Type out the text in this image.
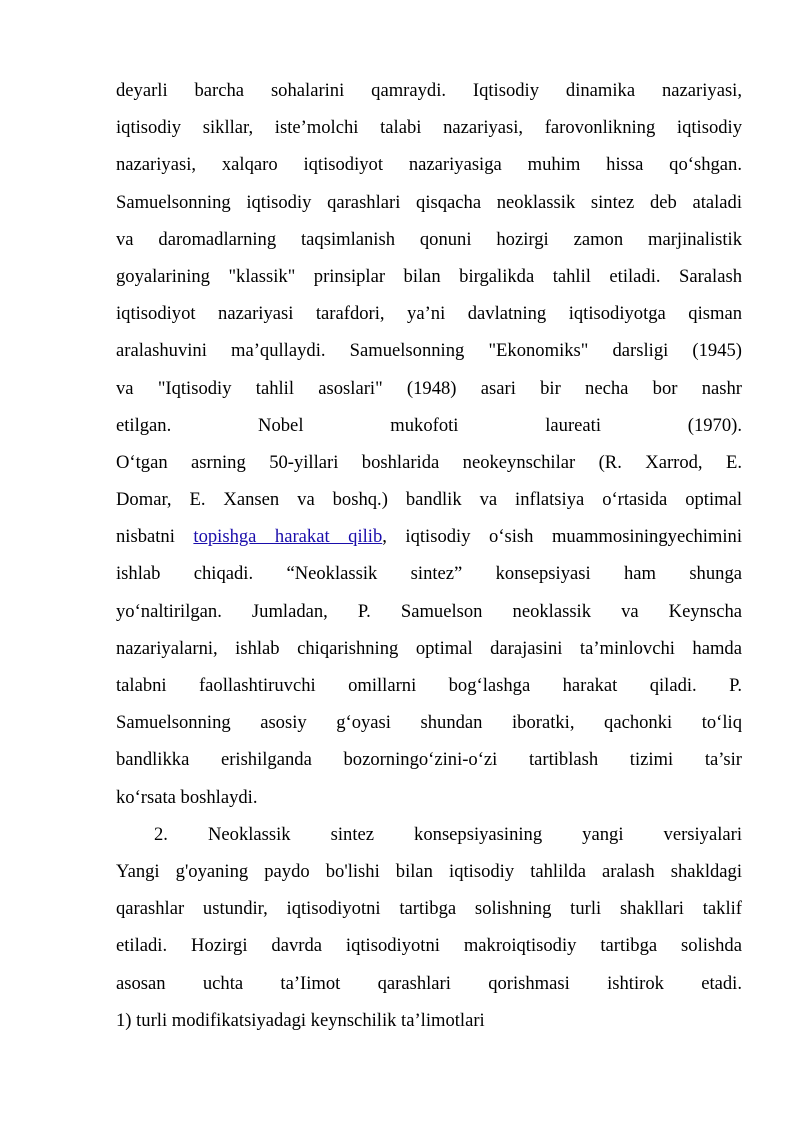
deyarli barcha sohalarini qamraydi. Iqtisodiy dinamika nazariyasi,
iqtisodiy sikllar, iste’molchi talabi nazariyasi, farovonlikning iqtisodiy
nazariyasi, xalqaro iqtisodiyot nazariyasiga muhim hissa qo‘shgan.
Samuelsonning iqtisodiy qarashlari qisqacha neoklassik sintez deb ataladi
va daromadlarning taqsimlanish qonuni hozirgi zamon marjinalistik
goyalarining "klassik" prinsiplar bilan birgalikda tahlil etiladi. Saralash
iqtisodiyot nazariyasi tarafdori, ya’ni davlatning iqtisodiyotga qisman
aralashuvini ma’qullaydi. Samuelsonning "Ekonomiks" darsligi (1945)
va "Iqtisodiy tahlil asoslari" (1948) asari bir necha bor nashr
etilgan. Nobel mukofoti laureati (1970).
O‘tgan asrning 50-yillari boshlarida neokeynschilar (R. Xarrod, E.
Domar, E. Xansen va boshq.) bandlik va inflatsiya o‘rtasida optimal
nisbatni topishga harakat qilib, iqtisodiy o‘sish muammosiningyechimini
ishlab chiqadi. “Neoklassik sintez” konsepsiyasi ham shunga
yo‘naltirilgan. Jumladan, P. Samuelson neoklassik va Keynscha
nazariyalarni, ishlab chiqarishning optimal darajasini ta’minlovchi hamda
talabni faollashtiruvchi omillarni bog‘lashga harakat qiladi. P.
Samuelsonning asosiy g‘oyasi shundan iboratki, qachonki to‘liq
bandlikka erishilganda bozorningo‘zini-o‘zi tartiblash tizimi ta’sir
ko‘rsata boshlaydi.
2. Neoklassik sintez konsepsiyasining yangi versiyalari
Yangi g'oyaning paydo bo'lishi bilan iqtisodiy tahlilda aralash shakldagi
qarashlar ustundir, iqtisodiyotni tartibga solishning turli shakllari taklif
etiladi. Hozirgi davrda iqtisodiyotni makroiqtisodiy tartibga solishda
asosan uchta ta’Iimot qarashlari qorishmasi ishtirok etadi.
1) turli modifikatsiyadagi keynschilik ta’limotlari
